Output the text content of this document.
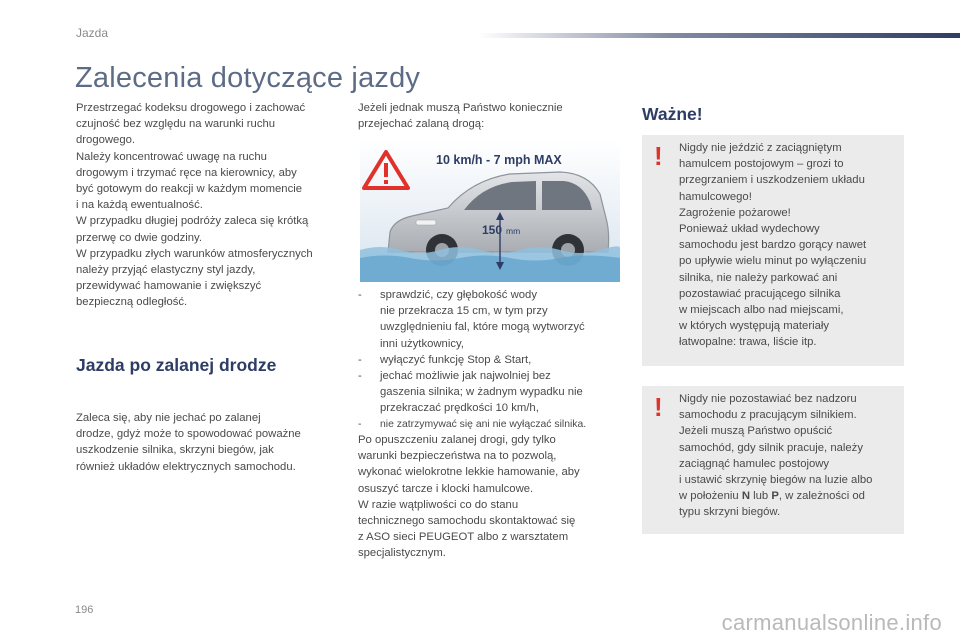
Jazda
Zalecenia dotyczące jazdy
Przestrzegać kodeksu drogowego i zachować
czujność bez względu na warunki ruchu
drogowego.
Należy koncentrować uwagę na ruchu
drogowym i trzymać ręce na kierownicy, aby
być gotowym do reakcji w każdym momencie
i na każdą ewentualność.
W przypadku długiej podróży zaleca się krótką
przerwę co dwie godziny.
W przypadku złych warunków atmosferycznych
należy przyjąć elastyczny styl jazdy,
przewidywać hamowanie i zwiększyć
bezpieczną odległość.
Jazda po zalanej drodze
Zaleca się, aby nie jechać po zalanej
drodze, gdyż może to spowodować poważne
uszkodzenie silnika, skrzyni biegów, jak
również układów elektrycznych samochodu.
Jeżeli jednak muszą Państwo koniecznie
przejechać zalaną drogą:
10 km/h - 7 mph MAX
150 mm
- sprawdzić, czy głębokość wody
nie przekracza 15 cm, w tym przy
uwzględnieniu fal, które mogą wytworzyć
inni użytkownicy,
- wyłączyć funkcję Stop & Start,
- jechać możliwie jak najwolniej bez
gaszenia silnika; w żadnym wypadku nie
przekraczać prędkości 10 km/h,
- nie zatrzymywać się ani nie wyłączać silnika.
Po opuszczeniu zalanej drogi, gdy tylko
warunki bezpieczeństwa na to pozwolą,
wykonać wielokrotne lekkie hamowanie, aby
osuszyć tarcze i klocki hamulcowe.
W razie wątpliwości co do stanu
technicznego samochodu skontaktować się
z ASO sieci PEUGEOT albo z warsztatem
specjalistycznym.
Ważne!
! Nigdy nie jeździć z zaciągniętym
hamulcem postojowym – grozi to
przegrzaniem i uszkodzeniem układu
hamulcowego!
Zagrożenie pożarowe!
Ponieważ układ wydechowy
samochodu jest bardzo gorący nawet
po upływie wielu minut po wyłączeniu
silnika, nie należy parkować ani
pozostawiać pracującego silnika
w miejscach albo nad miejscami,
w których występują materiały
łatwopalne: trawa, liście itp.
! Nigdy nie pozostawiać bez nadzoru
samochodu z pracującym silnikiem.
Jeżeli muszą Państwo opuścić
samochód, gdy silnik pracuje, należy
zaciągnąć hamulec postojowy
i ustawić skrzynię biegów na luzie albo
w położeniu N lub P, w zależności od
typu skrzyni biegów.
196	carmanualsonline.info
